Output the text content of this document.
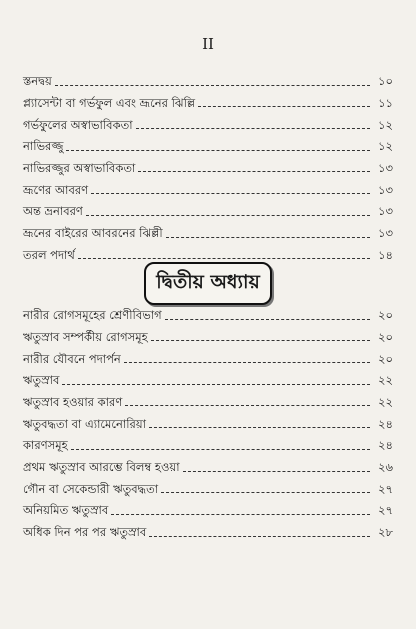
II
স্তনদ্বয়	১০
প্ল্যাসেন্টা বা গর্ভফুল এবং ভ্রূনের ঝিল্লি	১১
গর্ভফুলের অস্বাভাবিকতা	১২
নাভিরজ্জু	১২
নাভিরজ্জুর অস্বাভাবিকতা	১৩
ভ্রূণের আবরণ	১৩
অন্ত ভ্রনাবরণ	১৩
ভ্রূনের বাইরের আবরনের ঝিল্লী	১৩
তরল পদার্থ	১৪
দ্বিতীয় অধ্যায়
নারীর রোগসমূহের শ্রেণীবিভাগ	২০
ঋতুস্রাব সম্পর্কীয় রোগসমূহ	২০
নারীর যৌবনে পদার্পন	২০
ঋতুস্রাব	২২
ঋতুস্রাব হওয়ার কারণ	২২
ঋতুবদ্ধতা বা এ্যামেনোরিয়া	২৪
কারণসমূহ	২৪
প্রথম ঋতুস্রাব আরম্ভে বিলম্ব হওয়া	২৬
গৌন বা সেকেন্ডারী ঋতুবদ্ধতা	২৭
অনিয়মিত ঋতুস্রাব	২৭
অধিক দিন পর পর ঋতুস্রাব	২৮
